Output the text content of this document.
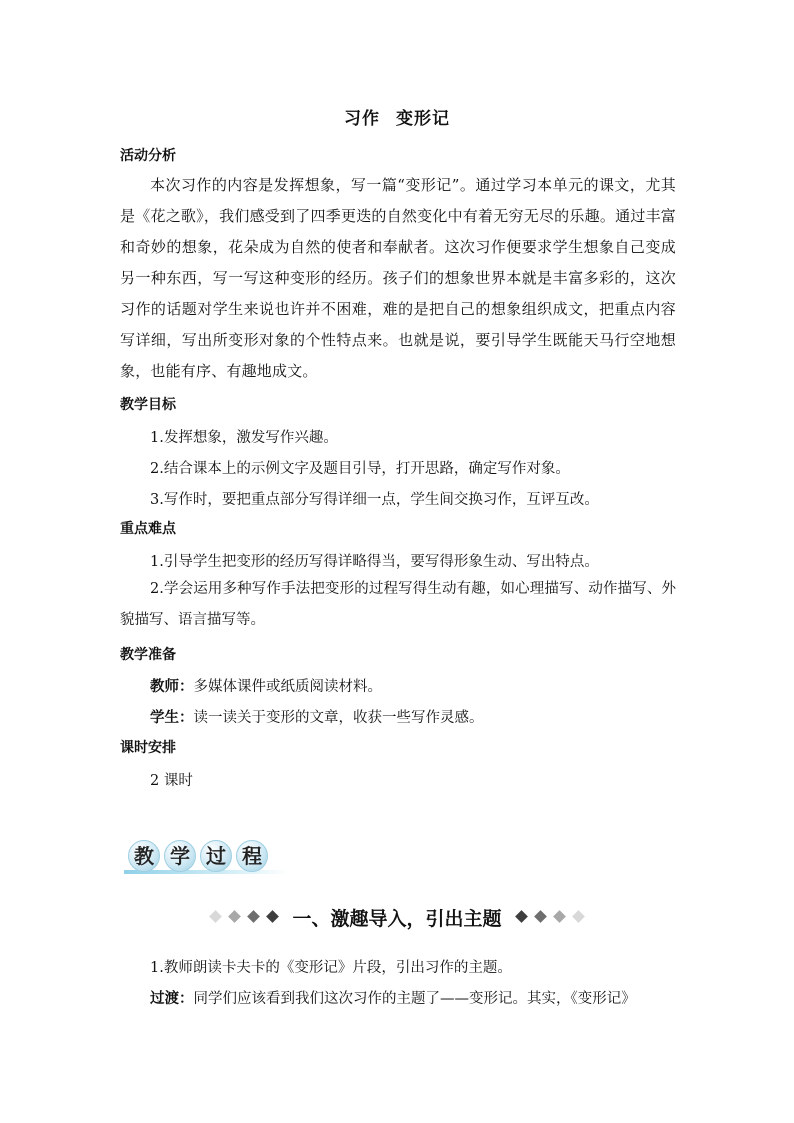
习作 变形记
活动分析
本次习作的内容是发挥想象，写一篇“变形记”。通过学习本单元的课文，尤其是《花之歌》，我们感受到了四季更迭的自然变化中有着无穷无尽的乐趣。通过丰富和奇妙的想象，花朵成为自然的使者和奉献者。这次习作便要求学生想象自己变成另一种东西，写一写这种变形的经历。孩子们的想象世界本就是丰富多彩的，这次习作的话题对学生来说也许并不困难，难的是把自己的想象组织成文，把重点内容写详细，写出所变形对象的个性特点来。也就是说，要引导学生既能天马行空地想象，也能有序、有趣地成文。
教学目标
1.发挥想象，激发写作兴趣。
2.结合课本上的示例文字及题目引导，打开思路，确定写作对象。
3.写作时，要把重点部分写得详细一点，学生间交换习作，互评互改。
重点难点
1.引导学生把变形的经历写得详略得当，要写得形象生动、写出特点。
2.学会运用多种写作手法把变形的过程写得生动有趣，如心理描写、动作描写、外貌描写、语言描写等。
教学准备
教师：多媒体课件或纸质阅读材料。
学生：读一读关于变形的文章，收获一些写作灵感。
课时安排
2 课时
教 学 过 程
一、激趣导入，引出主题
1.教师朗读卡夫卡的《变形记》片段，引出习作的主题。
过渡：同学们应该看到我们这次习作的主题了——变形记。其实，《变形记》
